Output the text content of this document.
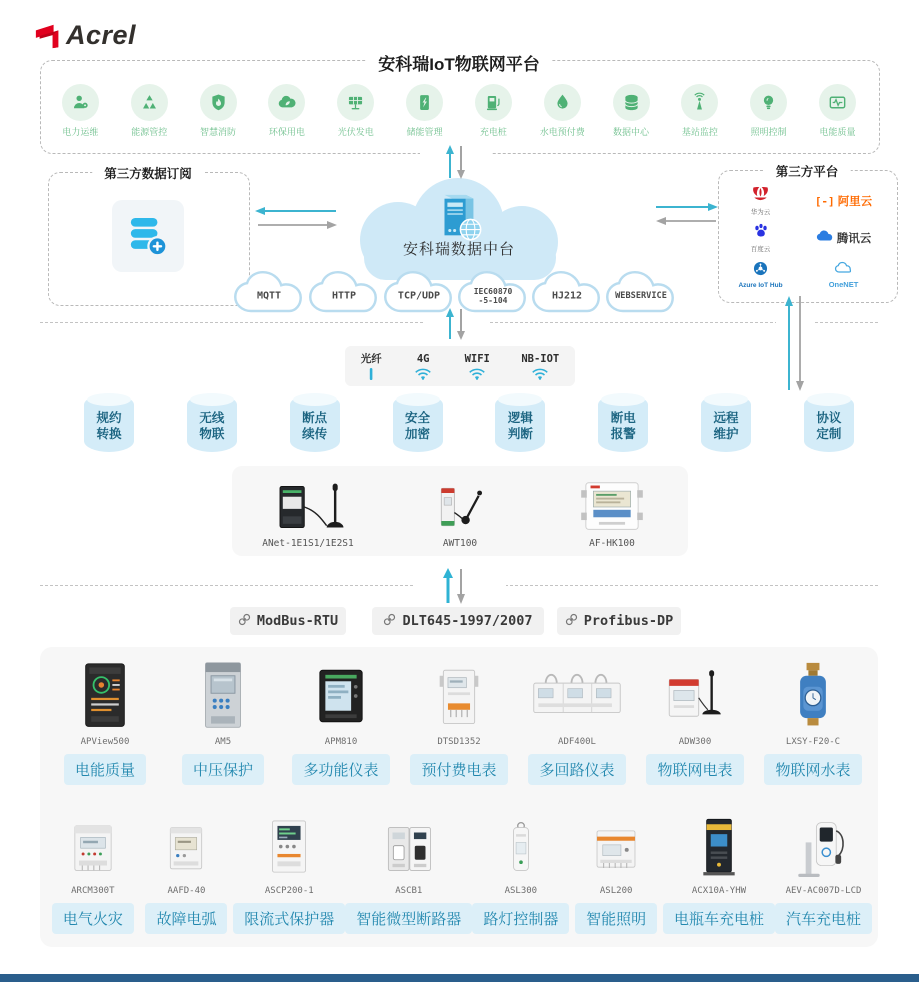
Acrel
安科瑞IoT物联网平台
电力运维	能源管控	智慧消防	环保用电	光伏发电	储能管理	充电桩	水电预付费	数据中心	基站监控	照明控制	电能质量
第三方数据订阅
安科瑞数据中台
第三方平台
华为云
[-] 阿里云
百度云
腾讯云
Azure IoT Hub	OneNET
MQTT	HTTP	TCP/UDP	IEC60870
-5-104	HJ212	WEBSERVICE
光纤	4G	WIFI	NB-IOT
规约
转换
无线
物联
断点
续传
安全
加密
逻辑
判断
断电
报警
远程
维护
协议
定制
ANet-1E1S1/1E2S1	AWT100	AF-HK100
ModBus-RTU	DLT645-1997/2007	Profibus-DP
APView500
电能质量
AM5
中压保护
APM810
多功能仪表
DTSD1352
预付费电表
ADF400L
多回路仪表
ADW300
物联网电表
LXSY-F20-C
物联网水表
ARCM300T
电气火灾
AAFD-40
故障电弧
ASCP200-1
限流式保护器
ASCB1
智能微型断路器
ASL300
路灯控制器
ASL200
智能照明
ACX10A-YHW
电瓶车充电桩
AEV-AC007D-LCD
汽车充电桩
